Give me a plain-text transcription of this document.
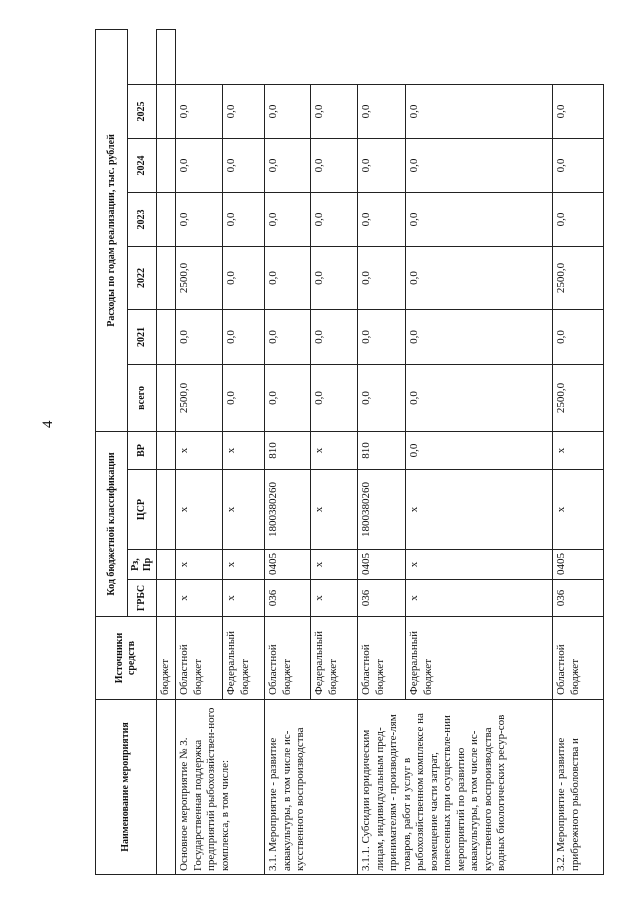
4
Наименование мероприятия	Источники средств	Код бюджетной классификации				Расходы по годам реализации, тыс. рублей						
		ГРБС	Рз, Пр	ЦСР	ВР	всего	2021	2022	2023	2024	2025	
	бюджет											
Основное мероприятие № 3. Государственная поддержка предприятий рыбохозяйствен-ного комплекса, в том числе:	Областной бюджет	x	x	x	x	2500,0	0,0	2500,0	0,0	0,0	0,0	
	Федеральный бюджет	x	x	x	x	0,0	0,0	0,0	0,0	0,0	0,0	
3.1. Мероприятие - развитие аквакультуры, в том числе ис-кусственного воспроизводства	Областной бюджет	036	0405	1800380260	810	0,0	0,0	0,0	0,0	0,0	0,0	
	Федеральный бюджет	x	x	x	x	0,0	0,0	0,0	0,0	0,0	0,0	
3.1.1. Субсидии юридическим лицам, индивидуальным пред-принимателям - производите-лям товаров, работ и услуг в рыбохозяйственном комплексе на возмещение части затрат, понесенных при осуществле-нии мероприятий по развитию аквакультуры, в том числе ис-кусственного воспроизводства водных биологических ресур-сов	Областной бюджет	036	0405	1800380260	810	0,0	0,0	0,0	0,0	0,0	0,0	
	Федеральный бюджет	x	x	x	0,0	0,0	0,0	0,0	0,0	0,0	0,0	
3.2. Мероприятие - развитие прибрежного рыболовства и	Областной бюджет	036	0405	x	x	2500,0	0,0	2500,0	0,0	0,0	0,0	
